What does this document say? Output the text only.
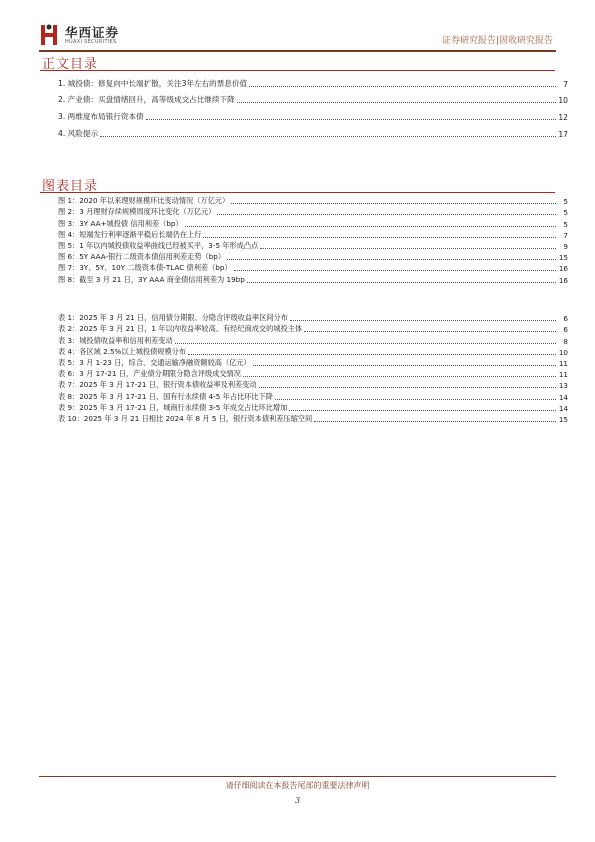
华西证券
HUAXI SECURITIES	证券研究报告|固收研究报告
正文目录
1. 城投债：修复向中长端扩散，关注3年左右的票息价值	7
2. 产业债：买盘情绪回升，高等级成交占比继续下降	10
3. 两维度布局银行资本债	12
4. 风险提示	17
图表目录
图 1：2020 年以来理财规模环比变动情况（万亿元）	5
图 2：3 月理财存续规模周度环比变化（万亿元）	5
图 3：3Y AA+城投债 信用利差（bp）	5
图 4：短端发行利率逐渐平稳后长端仍在上行	7
图 5：1 年以内城投债收益率曲线已经被买平，3-5 年形成凸点	9
图 6：5Y AAA-银行二级资本债信用利差走势（bp）	15
图 7：3Y、5Y、10Y 二级资本债-TLAC 债利差（bp）	16
图 8：截至 3 月 21 日，3Y AAA 商金债信用利差为 19bp	16
表 1：2025 年 3 月 21 日，信用债分期限、分隐含评级收益率区间分布	6
表 2：2025 年 3 月 21 日，1 年以内收益率较高、有经纪商成交的城投主体	6
表 3：城投债收益率和信用利差变动	8
表 4：各区域 2.5%以上城投债规模分布	10
表 5：3 月 1-23 日，综合、交通运输净融资额较高（亿元）	11
表 6：3 月 17-21 日，产业债分期限分隐含评级成交情况	11
表 7：2025 年 3 月 17-21 日，银行资本债收益率及利差变动	13
表 8：2025 年 3 月 17-21 日，国有行永续债 4-5 年占比环比下降	14
表 9：2025 年 3 月 17-21 日，城商行永续债 3-5 年成交占比环比增加	14
表 10：2025 年 3 月 21 日相比 2024 年 8 月 5 日，银行资本债利差压缩空间	15
请仔细阅读在本报告尾部的重要法律声明
3
